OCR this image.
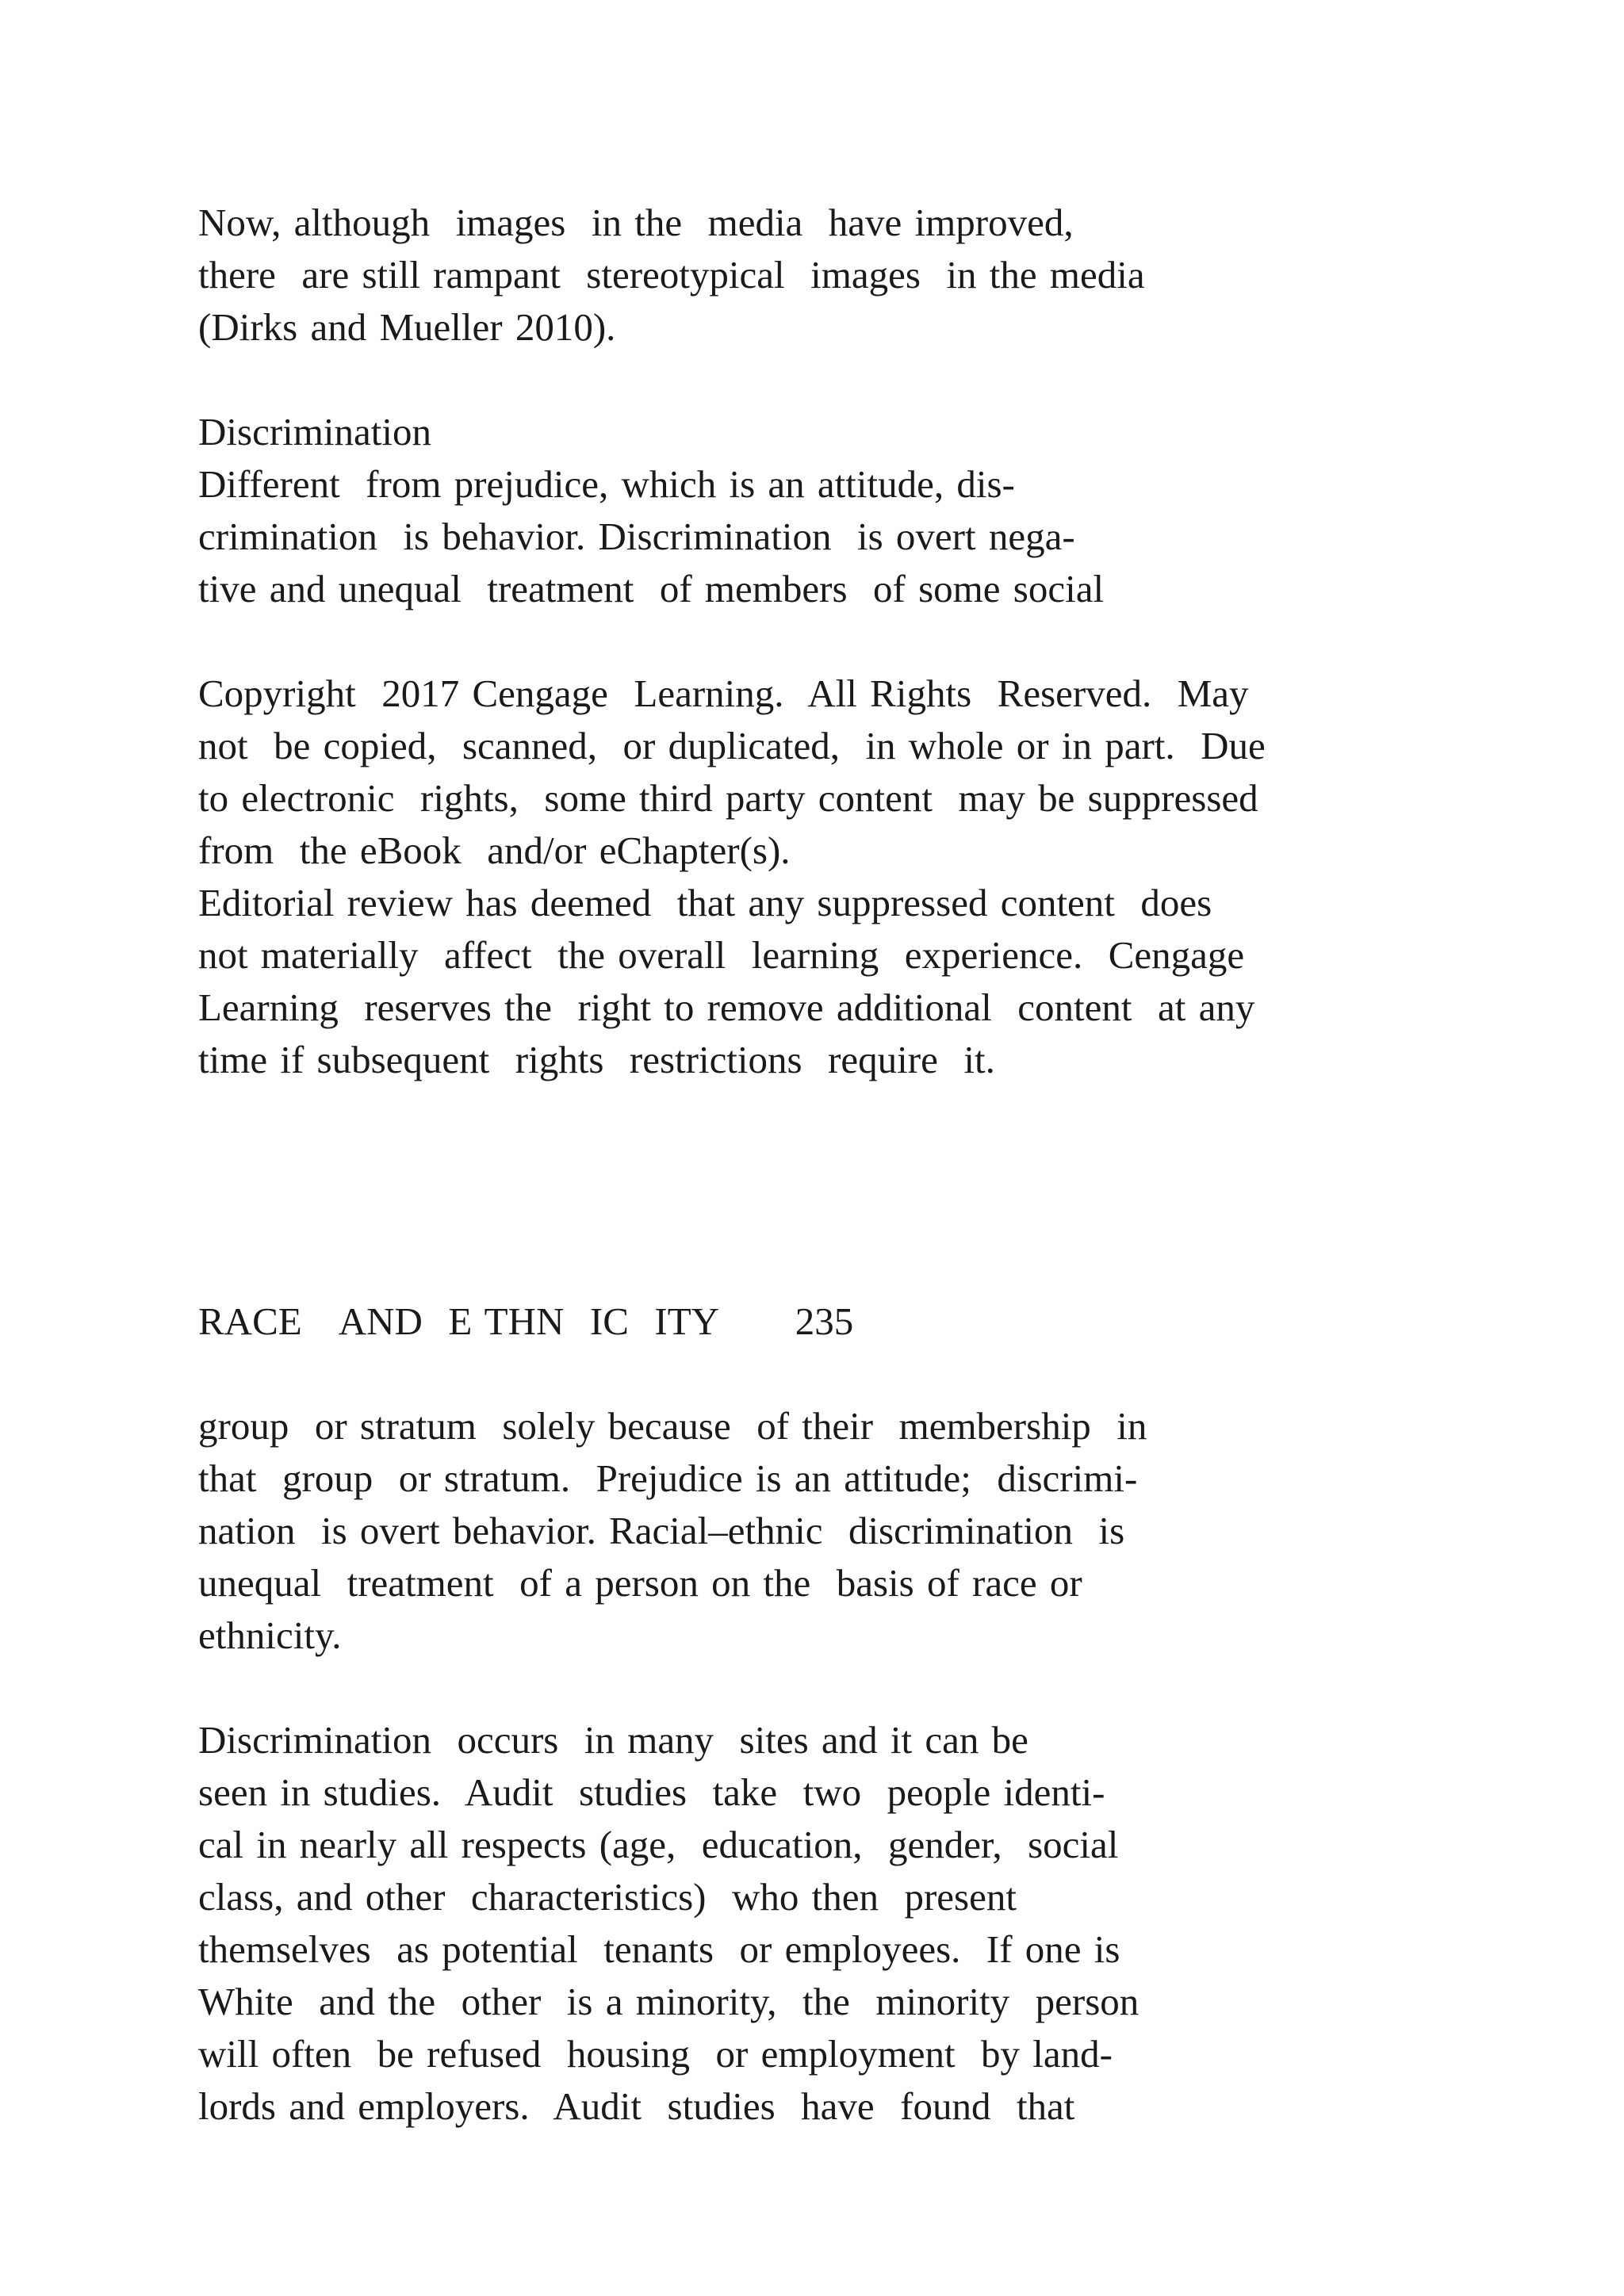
Now, although  images  in the  media  have improved,
there  are still rampant  stereotypical  images  in the media
(Dirks and Mueller 2010).
Discrimination
Different  from prejudice, which is an attitude, dis-
crimination  is behavior. Discrimination  is overt nega-
tive and unequal  treatment  of members  of some social
Copyright  2017 Cengage  Learning.  All Rights  Reserved.  May
not  be copied,  scanned,  or duplicated,  in whole or in part.  Due
to electronic  rights,  some third party content  may be suppressed
from  the eBook  and/or eChapter(s).
Editorial review has deemed  that any suppressed content  does
not materially  affect  the overall  learning  experience.  Cengage
Learning  reserves the  right to remove additional  content  at any
time if subsequent  rights  restrictions  require  it.
RACE   AND  E THN  IC  ITY      235
group  or stratum  solely because  of their  membership  in
that  group  or stratum.  Prejudice is an attitude;  discrimi-
nation  is overt behavior. Racial–ethnic  discrimination  is
unequal  treatment  of a person on the  basis of race or
ethnicity.
Discrimination  occurs  in many  sites and it can be
seen in studies.  Audit  studies  take  two  people identi-
cal in nearly all respects (age,  education,  gender,  social
class, and other  characteristics)  who then  present
themselves  as potential  tenants  or employees.  If one is
White  and the  other  is a minority,  the  minority  person
will often  be refused  housing  or employment  by land-
lords and employers.  Audit  studies  have  found  that
